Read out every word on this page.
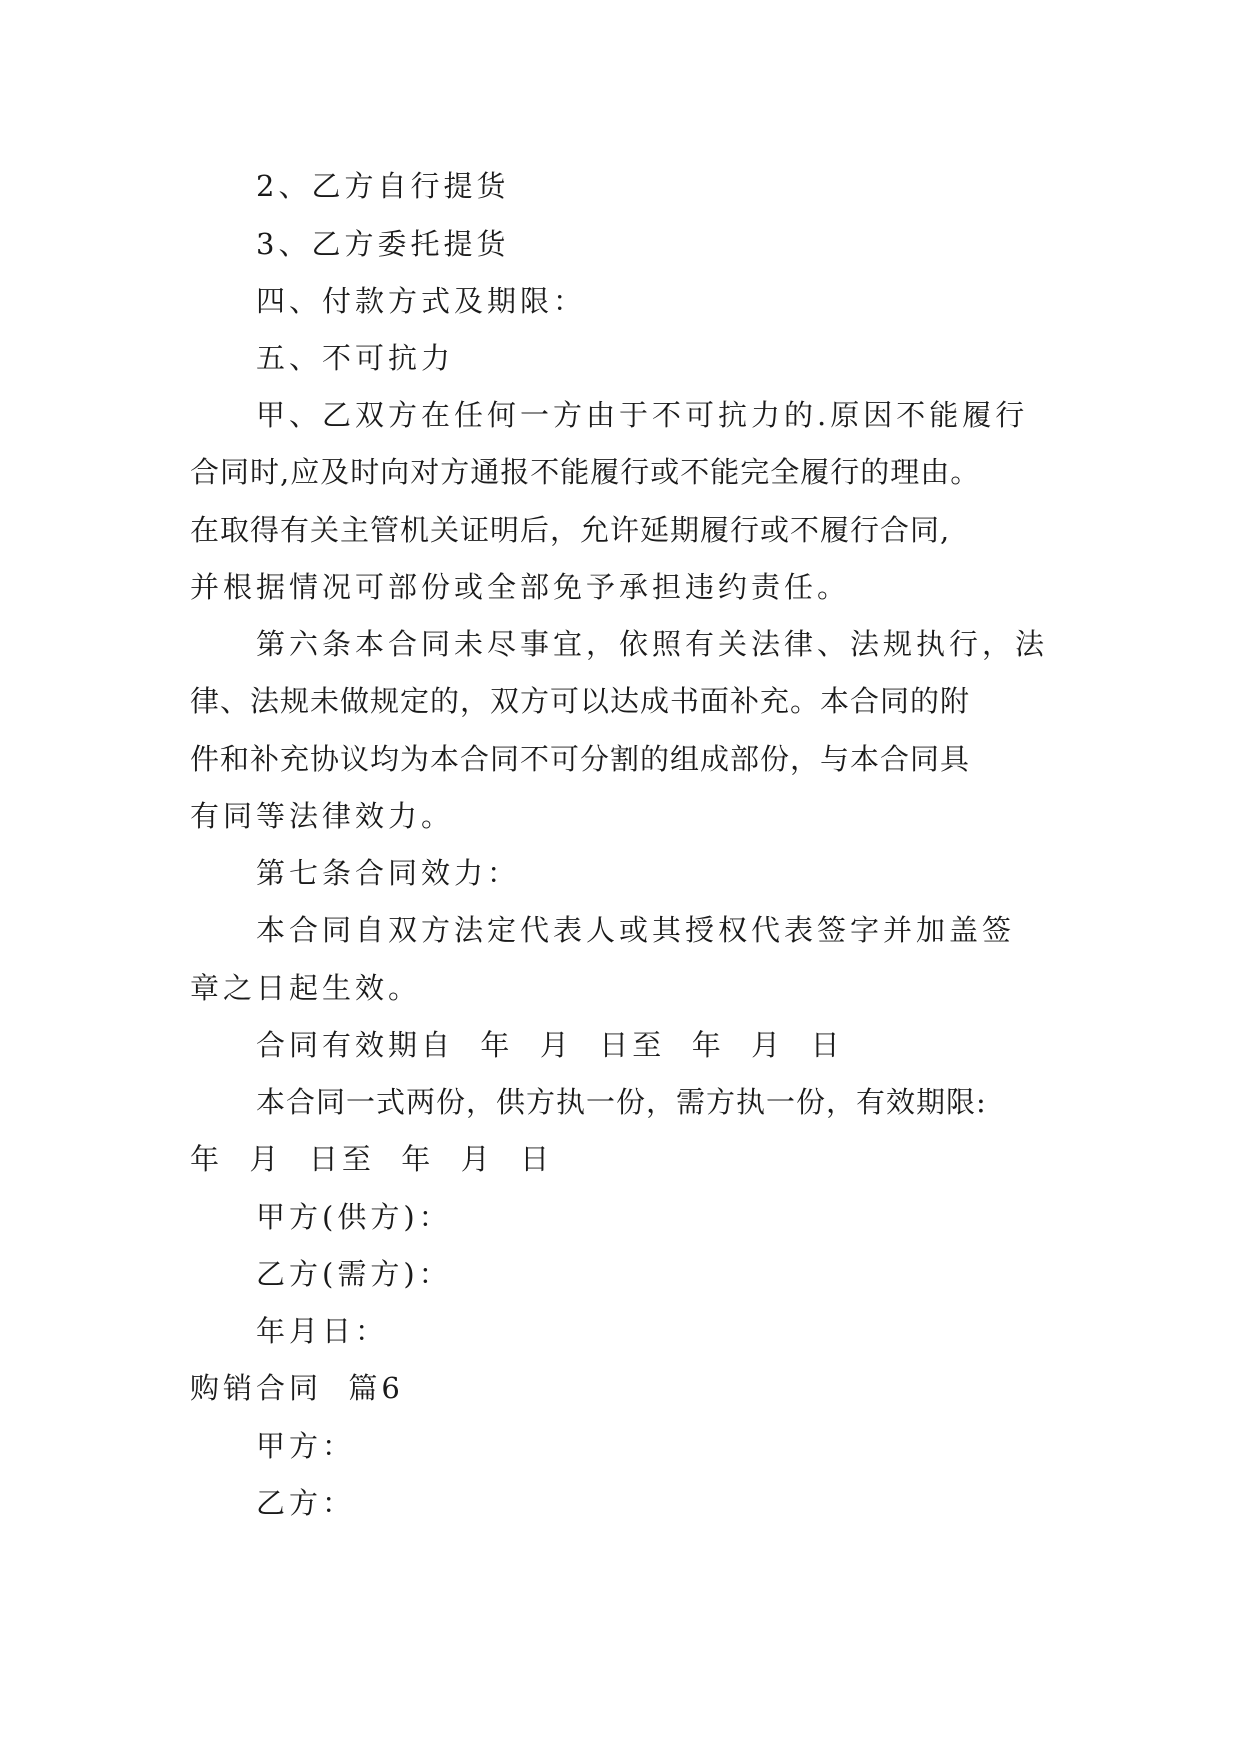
2、乙方自行提货
3、乙方委托提货
四、付款方式及期限：
五、不可抗力
甲、乙双方在任何一方由于不可抗力的.原因不能履行
合同时,应及时向对方通报不能履行或不能完全履行的理由。
在取得有关主管机关证明后，允许延期履行或不履行合同,
并根据情况可部份或全部免予承担违约责任。
第六条本合同未尽事宜，依照有关法律、法规执行，法
律、法规未做规定的，双方可以达成书面补充。本合同的附
件和补充协议均为本合同不可分割的组成部份，与本合同具
有同等法律效力。
第七条合同效力：
本合同自双方法定代表人或其授权代表签字并加盖签
章之日起生效。
合同有效期自  年  月  日至  年  月  日
本合同一式两份，供方执一份，需方执一份，有效期限:
年  月  日至  年  月  日
甲方(供方)：
乙方(需方)：
年月日：
购销合同  篇6
甲方：
乙方：
